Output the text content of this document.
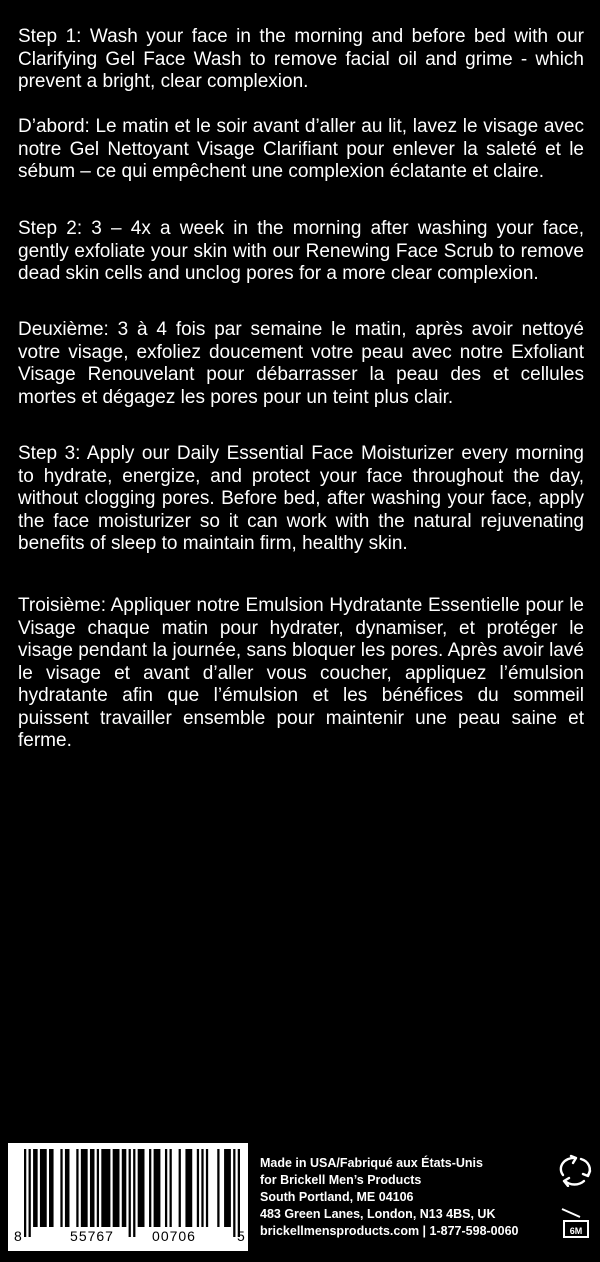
Step 1: Wash your face in the morning and before bed with our Clarifying Gel Face Wash to remove facial oil and grime - which prevent a bright, clear complexion.

D’abord: Le matin et le soir avant d’aller au lit, lavez le visage avec notre Gel Nettoyant Visage Clarifiant pour enlever la saleté et le sébum – ce qui empêchent une complexion éclatante et claire.

Step 2: 3 – 4x a week in the morning after washing your face, gently exfoliate your skin with our Renewing Face Scrub to remove dead skin cells and unclog pores for a more clear complexion.

Deuxième: 3 à 4 fois par semaine le matin, après avoir nettoyé votre visage, exfoliez doucement votre peau avec notre Exfoliant Visage Renouvelant pour débarrasser la peau des et cellules mortes et dégagez les pores pour un teint plus clair.

Step 3: Apply our Daily Essential Face Moisturizer every morning to hydrate, energize, and protect your face throughout the day, without clogging pores. Before bed, after washing your face, apply the face moisturizer so it can work with the natural rejuvenating benefits of sleep to maintain firm, healthy skin.

Troisième: Appliquer notre Emulsion Hydratante Essentielle pour le Visage chaque matin pour hydrater, dynamiser, et protéger le visage pendant la journée, sans bloquer les pores. Après avoir lavé le visage et avant d’aller vous coucher, appliquez l’émulsion hydratante afin que l’émulsion et les bénéfices du sommeil puissent travailler ensemble pour maintenir une peau saine et ferme.

8	55767	00706	5
Made in USA/Fabriqué aux États-Unis
for Brickell Men’s Products
South Portland, ME 04106
483 Green Lanes, London, N13 4BS, UK
brickellmensproducts.com | 1-877-598-0060	6M
